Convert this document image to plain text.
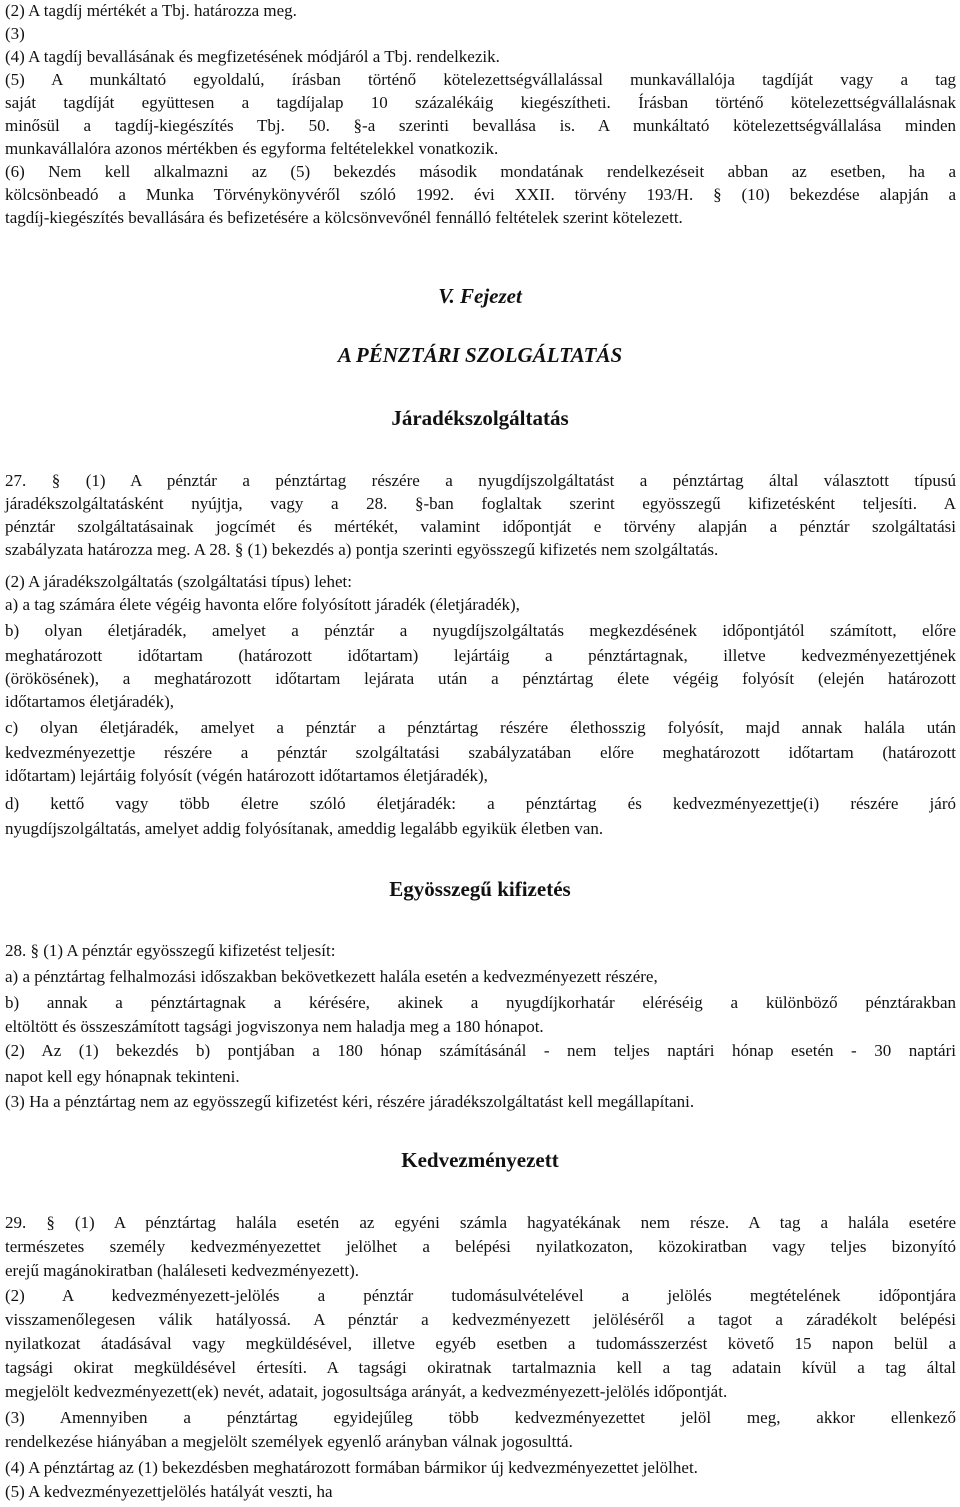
(2) A tagdíj mértékét a Tbj. határozza meg.
(3)
(4) A tagdíj bevallásának és megfizetésének módjáról a Tbj. rendelkezik.
(5) A munkáltató egyoldalú, írásban történő kötelezettségvállalással munkavállalója tagdíját vagy a tag
saját tagdíját együttesen a tagdíjalap 10 százalékáig kiegészítheti. Írásban történő kötelezettségvállalásnak
minősül a tagdíj-kiegészítés Tbj. 50. §-a szerinti bevallása is. A munkáltató kötelezettségvállalása minden
munkavállalóra azonos mértékben és egyforma feltételekkel vonatkozik.
(6) Nem kell alkalmazni az (5) bekezdés második mondatának rendelkezéseit abban az esetben, ha a
kölcsönbeadó a Munka Törvénykönyvéről szóló 1992. évi XXII. törvény 193/H. § (10) bekezdése alapján a
tagdíj-kiegészítés bevallására és befizetésére a kölcsönvevőnél fennálló feltételek szerint kötelezett.
V. Fejezet
A PÉNZTÁRI SZOLGÁLTATÁS
Járadékszolgáltatás
27. § (1) A pénztár a pénztártag részére a nyugdíjszolgáltatást a pénztártag által választott típusú
járadékszolgáltatásként nyújtja, vagy a 28. §-ban foglaltak szerint egyösszegű kifizetésként teljesíti. A
pénztár szolgáltatásainak jogcímét és mértékét, valamint időpontját e törvény alapján a pénztár szolgáltatási
szabályzata határozza meg. A 28. § (1) bekezdés a) pontja szerinti egyösszegű kifizetés nem szolgáltatás.
(2) A járadékszolgáltatás (szolgáltatási típus) lehet:
a) a tag számára élete végéig havonta előre folyósított járadék (életjáradék),
b) olyan életjáradék, amelyet a pénztár a nyugdíjszolgáltatás megkezdésének időpontjától számított, előre
meghatározott időtartam (határozott időtartam) lejártáig a pénztártagnak, illetve kedvezményezettjének
(örökösének), a meghatározott időtartam lejárata után a pénztártag élete végéig folyósít (elején határozott
időtartamos életjáradék),
c) olyan életjáradék, amelyet a pénztár a pénztártag részére élethosszig folyósít, majd annak halála után
kedvezményezettje részére a pénztár szolgáltatási szabályzatában előre meghatározott időtartam (határozott
időtartam) lejártáig folyósít (végén határozott időtartamos életjáradék),
d) kettő vagy több életre szóló életjáradék: a pénztártag és kedvezményezettje(i) részére járó
nyugdíjszolgáltatás, amelyet addig folyósítanak, ameddig legalább egyikük életben van.
Egyösszegű kifizetés
28. § (1) A pénztár egyösszegű kifizetést teljesít:
a) a pénztártag felhalmozási időszakban bekövetkezett halála esetén a kedvezményezett részére,
b) annak a pénztártagnak a kérésére, akinek a nyugdíjkorhatár eléréséig a különböző pénztárakban
eltöltött és összeszámított tagsági jogviszonya nem haladja meg a 180 hónapot.
(2) Az (1) bekezdés b) pontjában a 180 hónap számításánál - nem teljes naptári hónap esetén - 30 naptári
napot kell egy hónapnak tekinteni.
(3) Ha a pénztártag nem az egyösszegű kifizetést kéri, részére járadékszolgáltatást kell megállapítani.
Kedvezményezett
29. § (1) A pénztártag halála esetén az egyéni számla hagyatékának nem része. A tag a halála esetére
természetes személy kedvezményezettet jelölhet a belépési nyilatkozaton, közokiratban vagy teljes bizonyító
erejű magánokiratban (haláleseti kedvezményezett).
(2) A kedvezményezett-jelölés a pénztár tudomásulvételével a jelölés megtételének időpontjára
visszamenőlegesen válik hatályossá. A pénztár a kedvezményezett jelöléséről a tagot a záradékolt belépési
nyilatkozat átadásával vagy megküldésével, illetve egyéb esetben a tudomásszerzést követő 15 napon belül a
tagsági okirat megküldésével értesíti. A tagsági okiratnak tartalmaznia kell a tag adatain kívül a tag által
megjelölt kedvezményezett(ek) nevét, adatait, jogosultsága arányát, a kedvezményezett-jelölés időpontját.
(3) Amennyiben a pénztártag egyidejűleg több kedvezményezettet jelöl meg, akkor ellenkező
rendelkezése hiányában a megjelölt személyek egyenlő arányban válnak jogosulttá.
(4) A pénztártag az (1) bekezdésben meghatározott formában bármikor új kedvezményezettet jelölhet.
(5) A kedvezményezettjelölés hatályát veszti, ha
